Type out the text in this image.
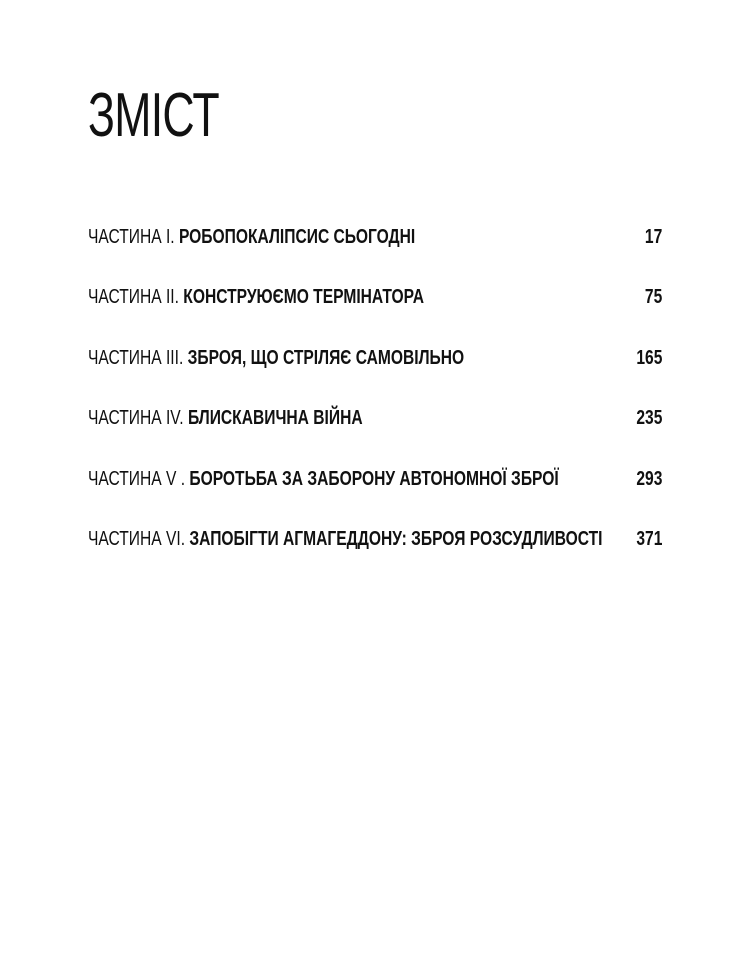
ЗМІСТ
ЧАСТИНА I. РОБОПОКАЛІПСИС СЬОГОДНІ	17
ЧАСТИНА II. КОНСТРУЮЄМО ТЕРМІНАТОРА	75
ЧАСТИНА III. ЗБРОЯ, ЩО СТРІЛЯЄ САМОВІЛЬНО	165
ЧАСТИНА IV. БЛИСКАВИЧНА ВІЙНА	235
ЧАСТИНА V . БОРОТЬБА ЗА ЗАБОРОНУ АВТОНОМНОЇ ЗБРОЇ	293
ЧАСТИНА VI. ЗАПОБІГТИ АГМАГЕДДОНУ: ЗБРОЯ РОЗСУДЛИВОСТІ 371
